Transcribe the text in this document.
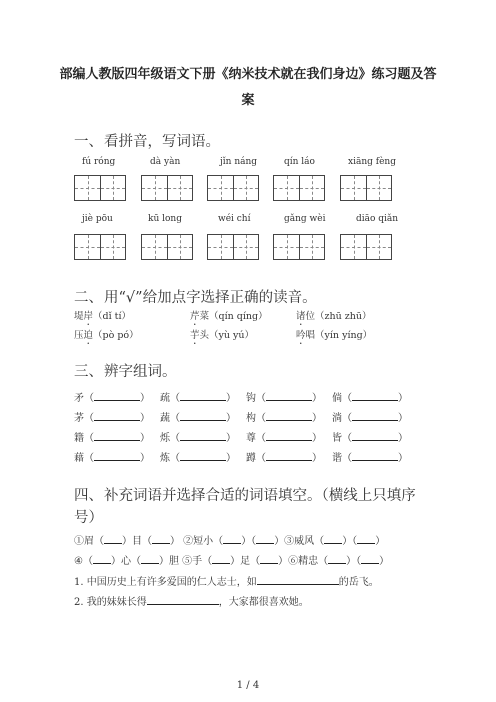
部编人教版四年级语文下册《纳米技术就在我们身边》练习题及答
案
一、看拼音，写词语。
fú róng	dà yàn	jǐn náng	qín láo	xiāng fèng
jiè pōu	kū long	wéi chí	gǎng wèi	diāo qiǎn
二、用“√”给加点字选择正确的读音。
堤岸（dǐ tí）	芹菜（qín qíng）	诸位（zhū zhū）
压迫（pò pó）	芋头（yù yú）	吟唱（yín yíng）
三、辨字组词。
矛（	） 疏（	） 钩（	） 倘（	）
茅（	） 蔬（	） 构（	） 淌（	）
籍（	） 烁（	） 尊（	） 皆（	）
藉（	） 炼（	） 蹲（	） 谐（	）
四、补充词语并选择合适的词语填空。（横线上只填序
号）
①眉（ ）目（ ） ②短小（ ）（ ）③威风（ ）（ ）
④（ ）心（ ）胆 ⑤手（ ）足（ ）⑥精忠（ ）（ ）
1. 中国历史上有许多爱国的仁人志士，如	的岳飞。
2. 我的妹妹长得	，大家都很喜欢她。
1 / 4
